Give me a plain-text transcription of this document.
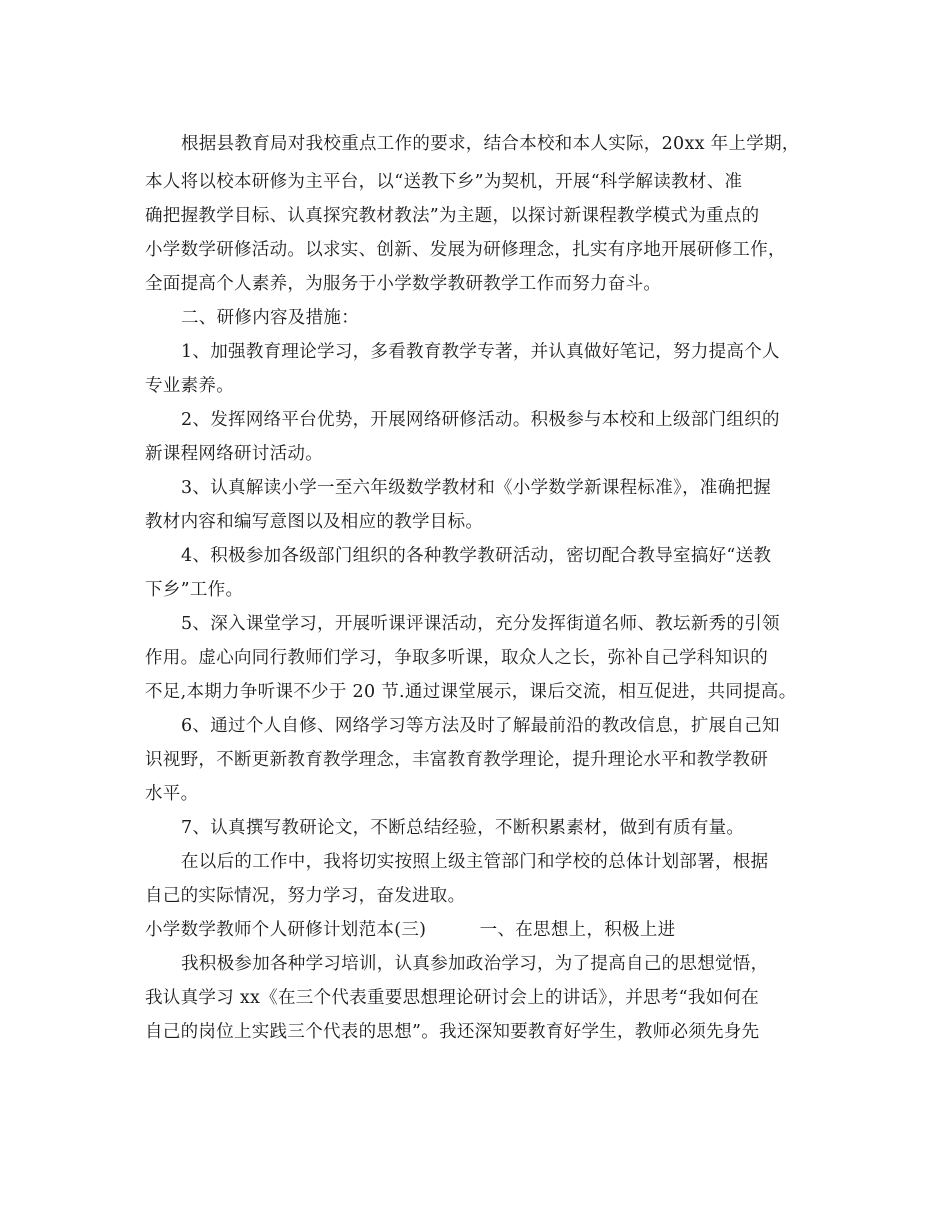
根据县教育局对我校重点工作的要求，结合本校和本人实际，20xx 年上学期，
本人将以校本研修为主平台，以“送教下乡”为契机，开展“科学解读教材、准
确把握教学目标、认真探究教材教法”为主题，以探讨新课程教学模式为重点的
小学数学研修活动。以求实、创新、发展为研修理念，扎实有序地开展研修工作，
全面提高个人素养，为服务于小学数学教研教学工作而努力奋斗。
二、研修内容及措施：
1、加强教育理论学习，多看教育教学专著，并认真做好笔记，努力提高个人
专业素养。
2、发挥网络平台优势，开展网络研修活动。积极参与本校和上级部门组织的
新课程网络研讨活动。
3、认真解读小学一至六年级数学教材和《小学数学新课程标准》，准确把握
教材内容和编写意图以及相应的教学目标。
4、积极参加各级部门组织的各种教学教研活动，密切配合教导室搞好“送教
下乡”工作。
5、深入课堂学习，开展听课评课活动，充分发挥街道名师、教坛新秀的引领
作用。虚心向同行教师们学习，争取多听课，取众人之长，弥补自己学科知识的
不足,本期力争听课不少于 20 节.通过课堂展示，课后交流，相互促进，共同提高。
6、通过个人自修、网络学习等方法及时了解最前沿的教改信息，扩展自己知
识视野，不断更新教育教学理念，丰富教育教学理论，提升理论水平和教学教研
水平。
7、认真撰写教研论文，不断总结经验，不断积累素材，做到有质有量。
在以后的工作中，我将切实按照上级主管部门和学校的总体计划部署，根据
自己的实际情况，努力学习，奋发进取。
小学数学教师个人研修计划范本(三)　　　一、在思想上，积极上进
我积极参加各种学习培训，认真参加政治学习，为了提高自己的思想觉悟，
我认真学习 xx《在三个代表重要思想理论研讨会上的讲话》，并思考“我如何在
自己的岗位上实践三个代表的思想”。我还深知要教育好学生，教师必须先身先
